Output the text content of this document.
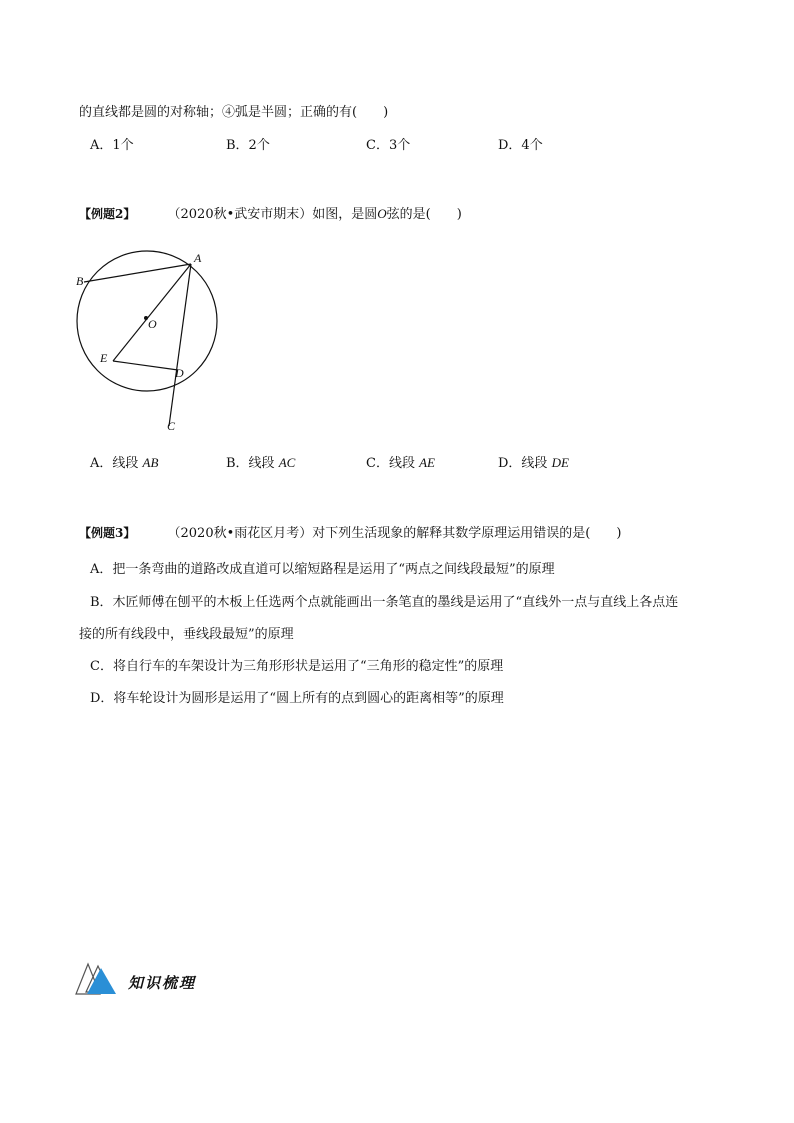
的直线都是圆的对称轴；④弧是半圆；正确的有(　　)
A．1个	B．2个	C．3个	D．4个
【例题2】 （2020秋•武安市期末）如图，是圆O弦的是(　　)
A
B
O
E
D
C
A．线段 AB	B．线段 AC	C．线段 AE	D．线段 DE
【例题3】 （2020秋•雨花区月考）对下列生活现象的解释其数学原理运用错误的是(　　)
A．把一条弯曲的道路改成直道可以缩短路程是运用了“两点之间线段最短”的原理
B．木匠师傅在刨平的木板上任选两个点就能画出一条笔直的墨线是运用了“直线外一点与直线上各点连
接的所有线段中，垂线段最短”的原理
C．将自行车的车架设计为三角形形状是运用了“三角形的稳定性”的原理
D．将车轮设计为圆形是运用了“圆上所有的点到圆心的距离相等”的原理
知识梳理
